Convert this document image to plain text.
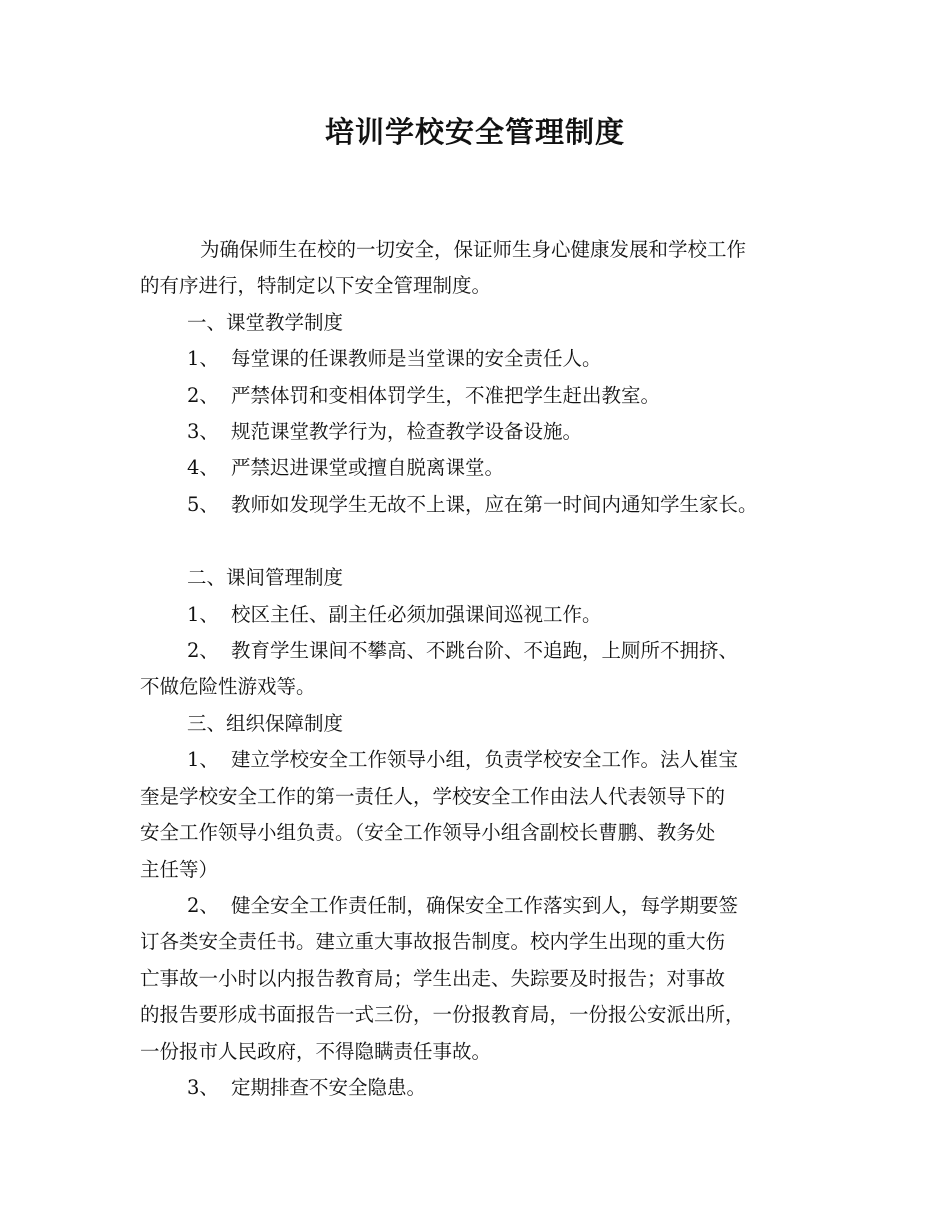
培训学校安全管理制度

为确保师生在校的一切安全，保证师生身心健康发展和学校工作

的有序进行，特制定以下安全管理制度。

一、课堂教学制度

1、 每堂课的任课教师是当堂课的安全责任人。
2、 严禁体罚和变相体罚学生，不准把学生赶出教室。
3、 规范课堂教学行为，检查教学设备设施。
4、 严禁迟进课堂或擅自脱离课堂。
5、 教师如发现学生无故不上课，应在第一时间内通知学生家长。

二、课间管理制度

1、 校区主任、副主任必须加强课间巡视工作。
2、 教育学生课间不攀高、不跳台阶、不追跑，上厕所不拥挤、

不做危险性游戏等。

三、组织保障制度

1、 建立学校安全工作领导小组，负责学校安全工作。法人崔宝

奎是学校安全工作的第一责任人，学校安全工作由法人代表领导下的

安全工作领导小组负责。（安全工作领导小组含副校长曹鹏、教务处

主任等）

2、 健全安全工作责任制，确保安全工作落实到人，每学期要签

订各类安全责任书。建立重大事故报告制度。校内学生出现的重大伤

亡事故一小时以内报告教育局；学生出走、失踪要及时报告；对事故

的报告要形成书面报告一式三份，一份报教育局，一份报公安派出所，

一份报市人民政府，不得隐瞒责任事故。

3、 定期排查不安全隐患。
